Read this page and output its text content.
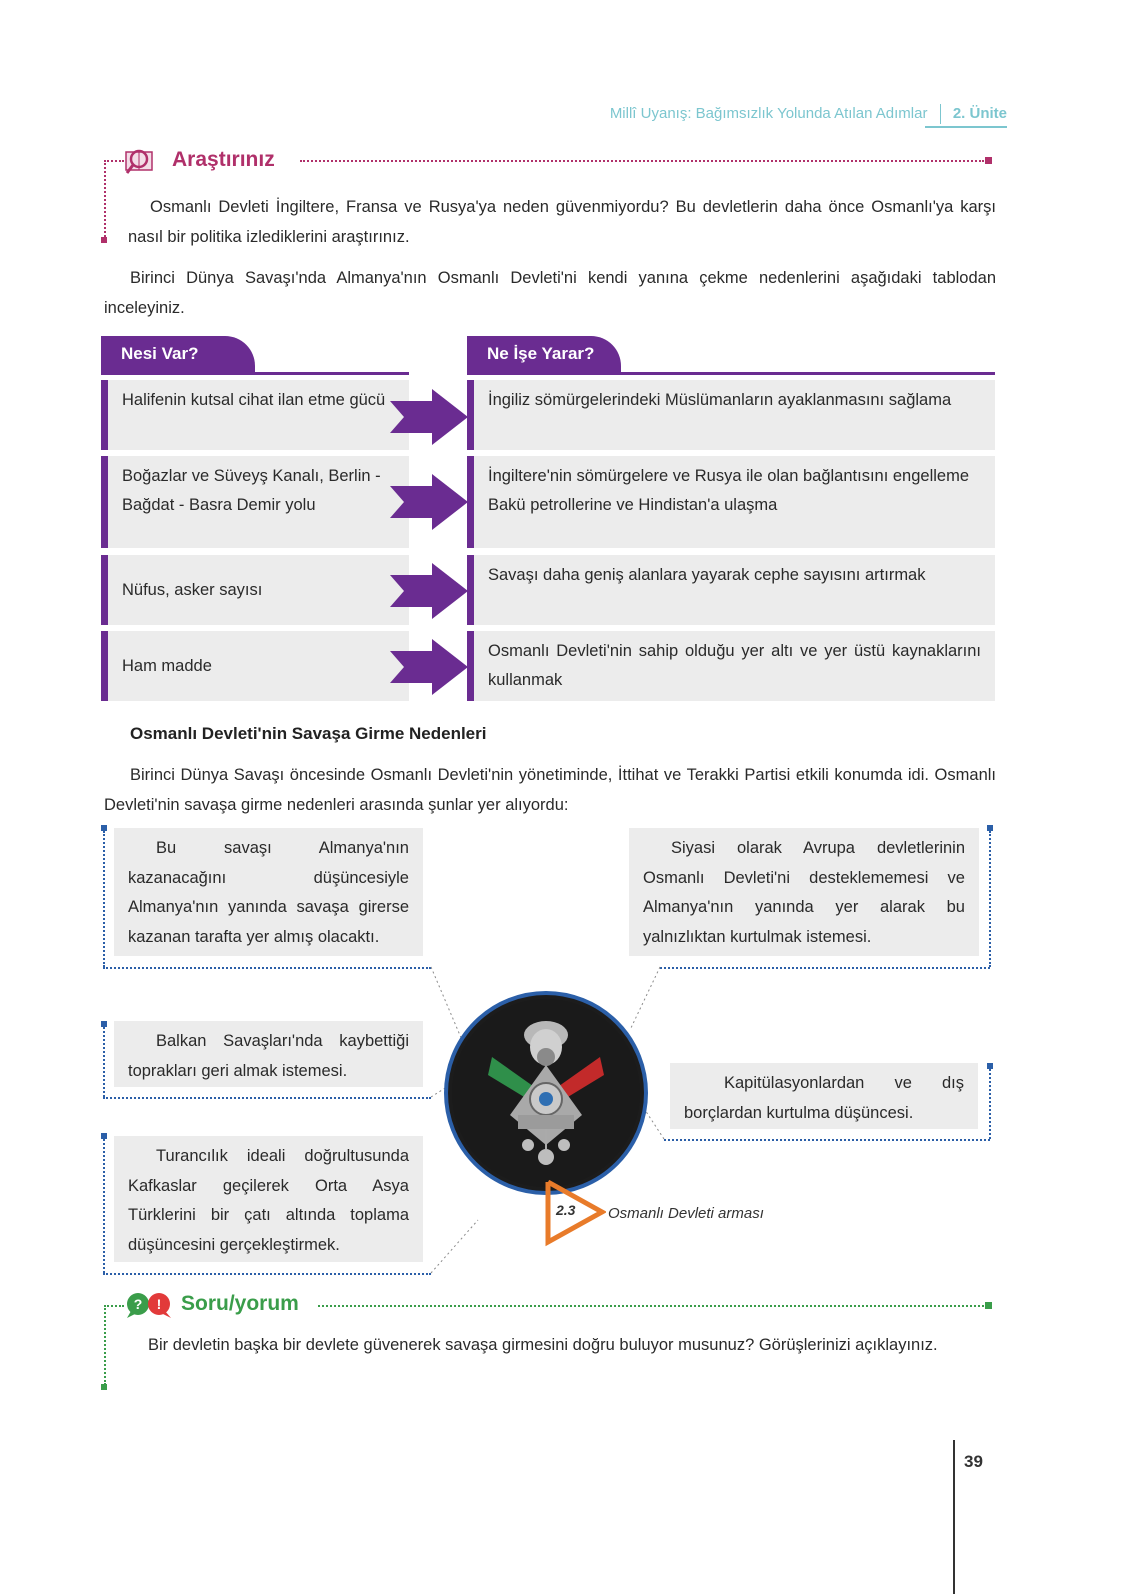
Millî Uyanış: Bağımsızlık Yolunda Atılan Adımlar 2. Ünite
Araştırınız
Osmanlı Devleti İngiltere, Fransa ve Rusya'ya neden güvenmiyordu? Bu devletlerin daha önce Osmanlı'ya karşı nasıl bir politika izlediklerini araştırınız.
Birinci Dünya Savaşı'nda Almanya'nın Osmanlı Devleti'ni kendi yanına çekme nedenlerini aşağıdaki tablodan inceleyiniz.
Nesi Var?	Ne İşe Yarar?
Halifenin kutsal cihat ilan etme gücü	İngiliz sömürgelerindeki Müslümanların ayaklanmasını sağlama
Boğazlar ve Süveyş Kanalı, Berlin - Bağdat - Basra Demir yolu
İngiltere'nin sömürgelere ve Rusya ile olan bağlantısını engelleme
Bakü petrollerine ve Hindistan'a ulaşma
Nüfus, asker sayısı
Savaşı daha geniş alanlara yayarak cephe sayısını artırmak
Ham madde
Osmanlı Devleti'nin sahip olduğu yer altı ve yer üstü kaynaklarını kullanmak
Osmanlı Devleti'nin Savaşa Girme Nedenleri
Birinci Dünya Savaşı öncesinde Osmanlı Devleti'nin yönetiminde, İttihat ve Terakki Partisi etkili konumda idi. Osmanlı Devleti'nin savaşa girme nedenleri arasında şunlar yer alıyordu:
Bu savaşı Almanya'nın kazanacağını düşüncesiyle Almanya'nın yanında savaşa girerse kazanan tarafta yer almış olacaktı.
Siyasi olarak Avrupa devletlerinin Osmanlı Devleti'ni desteklememesi ve Almanya'nın yanında yer alarak bu yalnızlıktan kurtulmak istemesi.
Balkan Savaşları'nda kaybettiği toprakları geri almak istemesi.
Kapitülasyonlardan ve dış borçlardan kurtulma düşüncesi.
Turancılık ideali doğrultusunda Kafkaslar geçilerek Orta Asya Türklerini bir çatı altında toplama düşüncesini gerçekleştirmek.
2.3 Osmanlı Devleti arması
? ! Soru/yorum
Bir devletin başka bir devlete güvenerek savaşa girmesini doğru buluyor musunuz? Görüşlerinizi açıklayınız.
39
